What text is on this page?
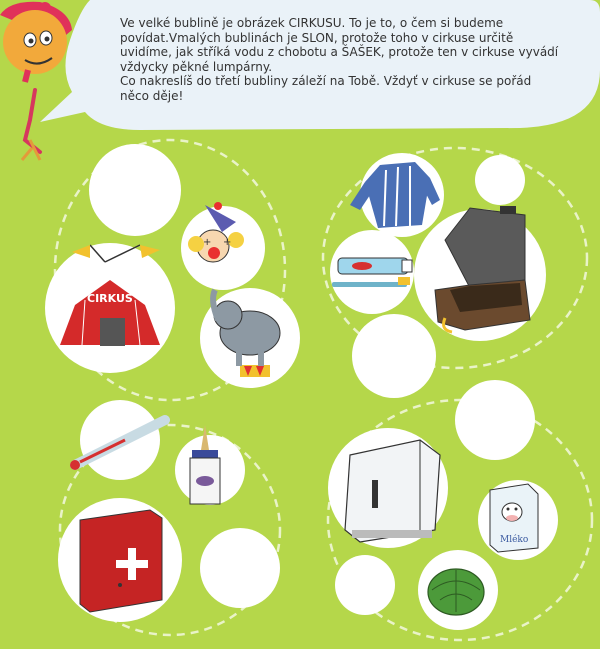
+
+
CIRKUS
Mléko

Ve velké bublině je obrázek CIRKUSU. To je to, o čem si budeme povídat.Vmalých bublinách je SLON, protože toho v cirkuse určitě uvidíme, jak stříká vodu z chobotu a ŠAŠEK, protože ten v cirkuse vyvádí vždycky pěkné lumpárny.

Co nakreslíš do třetí bubliny záleží na Tobě. Vždyť v cirkuse se pořád něco děje!
